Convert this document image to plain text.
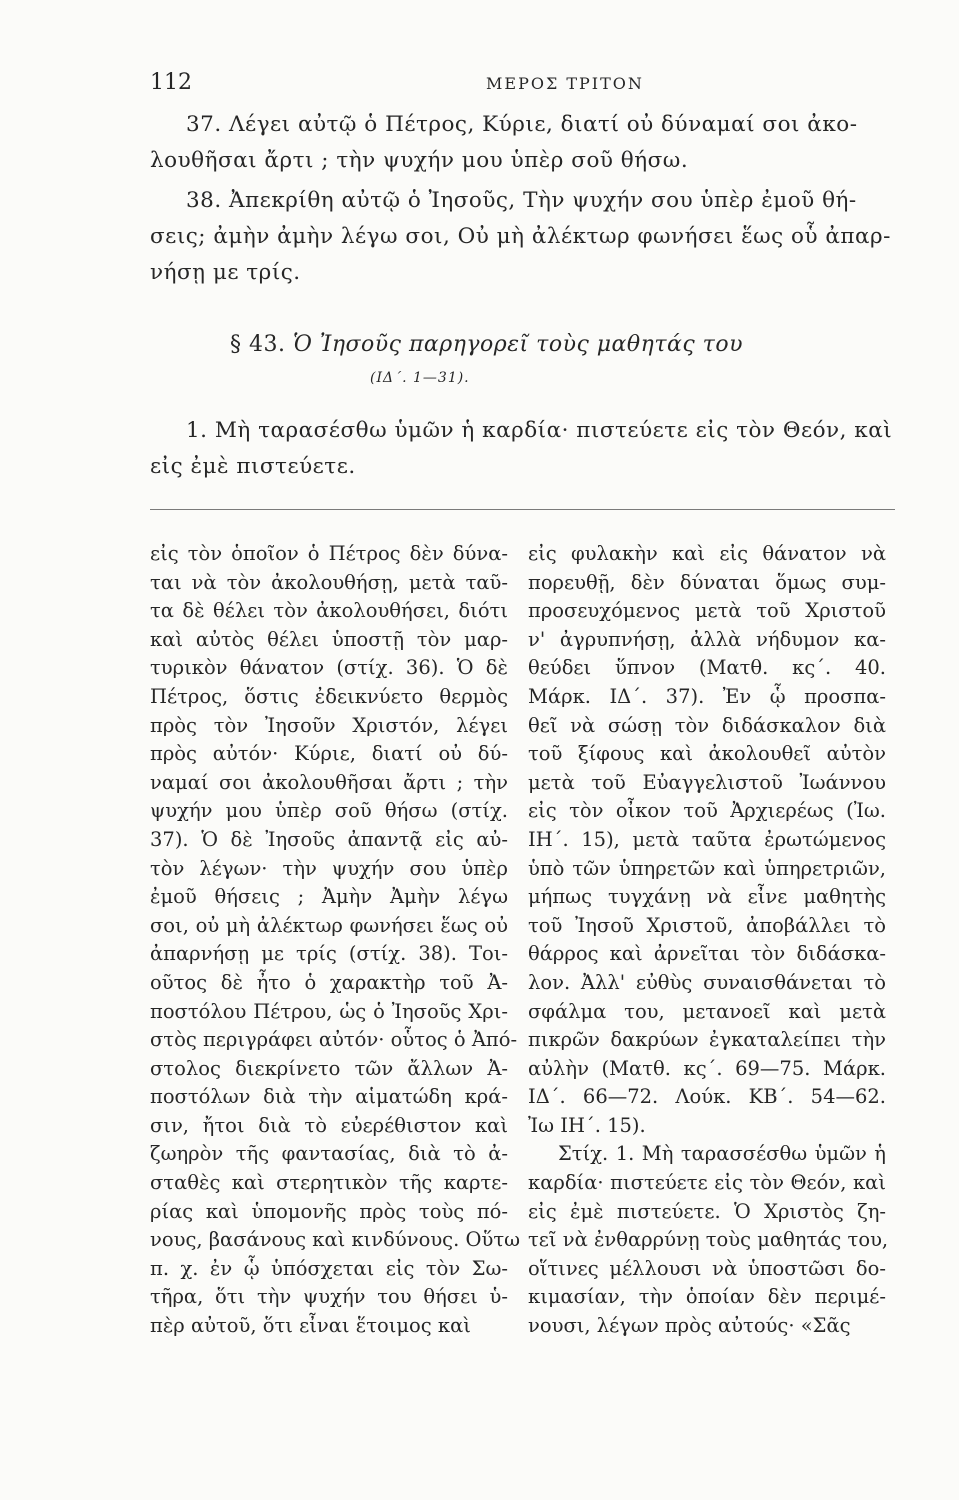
112	ΜΕΡΟΣ ΤΡΙΤΟΝ
37. Λέγει αὐτῷ ὁ Πέτρος, Κύριε, διατί οὐ δύναμαί σοι ἀκο-
λουθῆσαι ἄρτι ; τὴν ψυχήν μου ὑπὲρ σοῦ θήσω.
38. Ἀπεκρίθη αὐτῷ ὁ Ἰησοῦς, Τὴν ψυχήν σου ὑπὲρ ἐμοῦ θή-
σεις; ἀμὴν ἀμὴν λέγω σοι, Οὐ μὴ ἀλέκτωρ φωνήσει ἕως οὗ ἀπαρ-
νήσῃ με τρίς.
§ 43. Ὁ Ἰησοῦς παρηγορεῖ τοὺς μαθητάς του
(ΙΔ΄. 1—31).
1. Μὴ ταρασέσθω ὑμῶν ἡ καρδία· πιστεύετε εἰς τὸν Θεόν, καὶ
εἰς ἐμὲ πιστεύετε.
εἰς τὸν ὁποῖον ὁ Πέτρος δὲν δύνα-
ται νὰ τὸν ἀκολουθήσῃ, μετὰ ταῦ-
τα δὲ θέλει τὸν ἀκολουθήσει, διότι
καὶ αὐτὸς θέλει ὑποστῇ τὸν μαρ-
τυρικὸν θάνατον (στίχ. 36). Ὁ δὲ
Πέτρος, ὅστις ἐδεικνύετο θερμὸς
πρὸς τὸν Ἰησοῦν Χριστόν, λέγει
πρὸς αὐτόν· Κύριε, διατί οὐ δύ-
ναμαί σοι ἀκολουθῆσαι ἄρτι ; τὴν
ψυχήν μου ὑπὲρ σοῦ θήσω (στίχ.
37). Ὁ δὲ Ἰησοῦς ἀπαντᾷ εἰς αὐ-
τὸν λέγων· τὴν ψυχήν σου ὑπὲρ
ἐμοῦ θήσεις ; Ἀμὴν Ἀμὴν λέγω
σοι, οὐ μὴ ἀλέκτωρ φωνήσει ἕως οὐ
ἀπαρνήσῃ με τρίς (στίχ. 38). Τοι-
οῦτος δὲ ἦτο ὁ χαρακτὴρ τοῦ Ἀ-
ποστόλου Πέτρου, ὡς ὁ Ἰησοῦς Χρι-
στὸς περιγράφει αὐτόν· οὗτος ὁ Ἀπό-
στολος διεκρίνετο τῶν ἄλλων Ἀ-
ποστόλων διὰ τὴν αἱματώδη κρά-
σιν, ἤτοι διὰ τὸ εὐερέθιστον καὶ
ζωηρὸν τῆς φαντασίας, διὰ τὸ ἀ-
σταθὲς καὶ στερητικὸν τῆς καρτε-
ρίας καὶ ὑπομονῆς πρὸς τοὺς πό-
νους, βασάνους καὶ κινδύνους. Οὕτω
π. χ. ἐν ᾧ ὑπόσχεται εἰς τὸν Σω-
τῆρα, ὅτι τὴν ψυχήν του θήσει ὑ-
πὲρ αὐτοῦ, ὅτι εἶναι ἕτοιμος καὶ
εἰς φυλακὴν καὶ εἰς θάνατον νὰ
πορευθῇ, δὲν δύναται ὅμως συμ-
προσευχόμενος μετὰ τοῦ Χριστοῦ
ν' ἀγρυπνήσῃ, ἀλλὰ νήδυμον κα-
θεύδει ὕπνον (Ματθ. κς΄. 40.
Μάρκ. ΙΔ΄. 37). Ἐν ᾧ προσπα-
θεῖ νὰ σώσῃ τὸν διδάσκαλον διὰ
τοῦ ξίφους καὶ ἀκολουθεῖ αὐτὸν
μετὰ τοῦ Εὐαγγελιστοῦ Ἰωάννου
εἰς τὸν οἶκον τοῦ Ἀρχιερέως (Ἰω.
ΙΗ΄. 15), μετὰ ταῦτα ἐρωτώμενος
ὑπὸ τῶν ὑπηρετῶν καὶ ὑπηρετριῶν,
μήπως τυγχάνῃ νὰ εἶνε μαθητὴς
τοῦ Ἰησοῦ Χριστοῦ, ἀποβάλλει τὸ
θάρρος καὶ ἀρνεῖται τὸν διδάσκα-
λον. Ἀλλ' εὐθὺς συναισθάνεται τὸ
σφάλμα του, μετανοεῖ καὶ μετὰ
πικρῶν δακρύων ἐγκαταλείπει τὴν
αὐλὴν (Ματθ. κς΄. 69—75. Μάρκ.
ΙΔ΄. 66—72. Λούκ. ΚΒ΄. 54—62.
Ἰω ΙΗ΄. 15).
Στίχ. 1. Μὴ ταρασσέσθω ὑμῶν ἡ
καρδία· πιστεύετε εἰς τὸν Θεόν, καὶ
εἰς ἐμὲ πιστεύετε. Ὁ Χριστὸς ζη-
τεῖ νὰ ἐνθαρρύνῃ τοὺς μαθητάς του,
οἵτινες μέλλουσι νὰ ὑποστῶσι δο-
κιμασίαν, τὴν ὁποίαν δὲν περιμέ-
νουσι, λέγων πρὸς αὐτούς· «Σᾶς
